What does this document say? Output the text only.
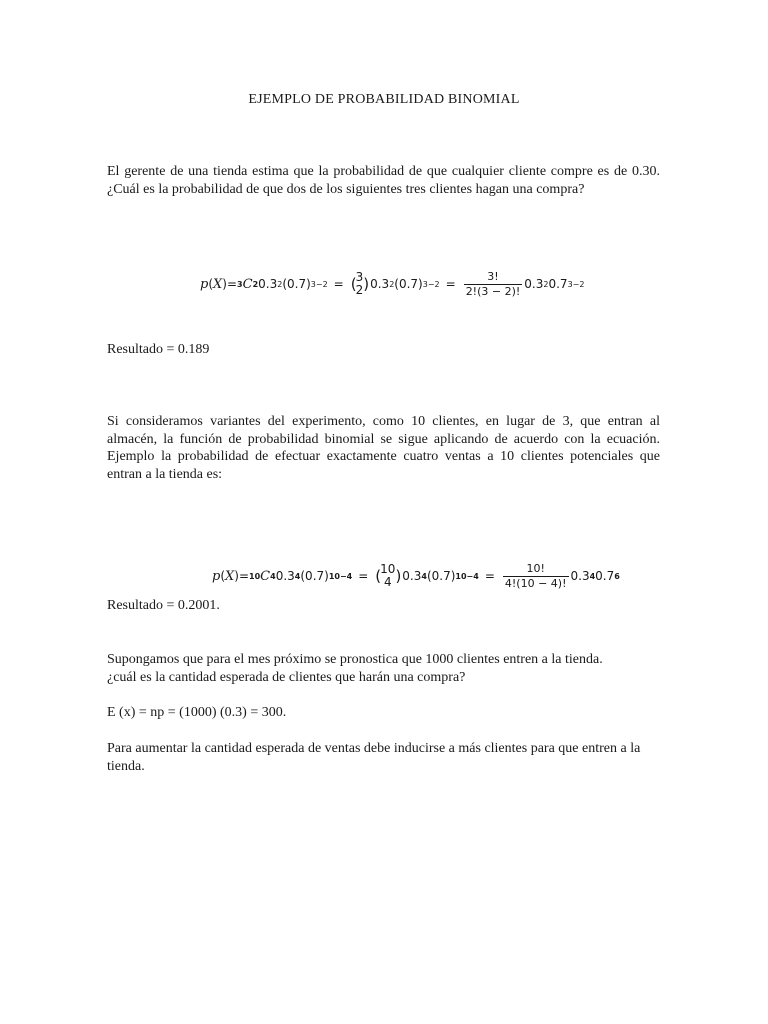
EJEMPLO DE PROBABILIDAD BINOMIAL
El gerente de una tienda estima que la probabilidad de que cualquier cliente compre es de 0.30. ¿Cuál es la probabilidad de que dos de los siguientes tres clientes hagan una compra?
p ( X )= 3 C 2 0.3 2 (0.7) 3−2 = ( 3
2 ) 0.3 2 (0.7) $3-2 = \frac{3!}{2!(3 - 2)!} 0.3$ 2 0.7 3−2
Resultado = 0.189
Si consideramos variantes del experimento, como 10 clientes, en lugar de 3, que entran al almacén, la función de probabilidad binomial se sigue aplicando de acuerdo con la ecuación. Ejemplo la probabilidad de efectuar exactamente cuatro ventas a 10 clientes potenciales que entran a la tienda es:
p ( X )= 10 C 4 0.3 4 (0.7) 10−4 = ( 10
4 ) 0.3 4 (0.7) $10-4 = \frac{10!}{4!(10 - 4)!} 0.3$ 4 0.7 6
Resultado = 0.2001.
Supongamos que para el mes próximo se pronostica que 1000 clientes entren a la tienda.
¿cuál es la cantidad esperada de clientes que harán una compra?
E (x) = np = (1000) (0.3) = 300.
Para aumentar la cantidad esperada de ventas debe inducirse a más clientes para que entren a la tienda.
